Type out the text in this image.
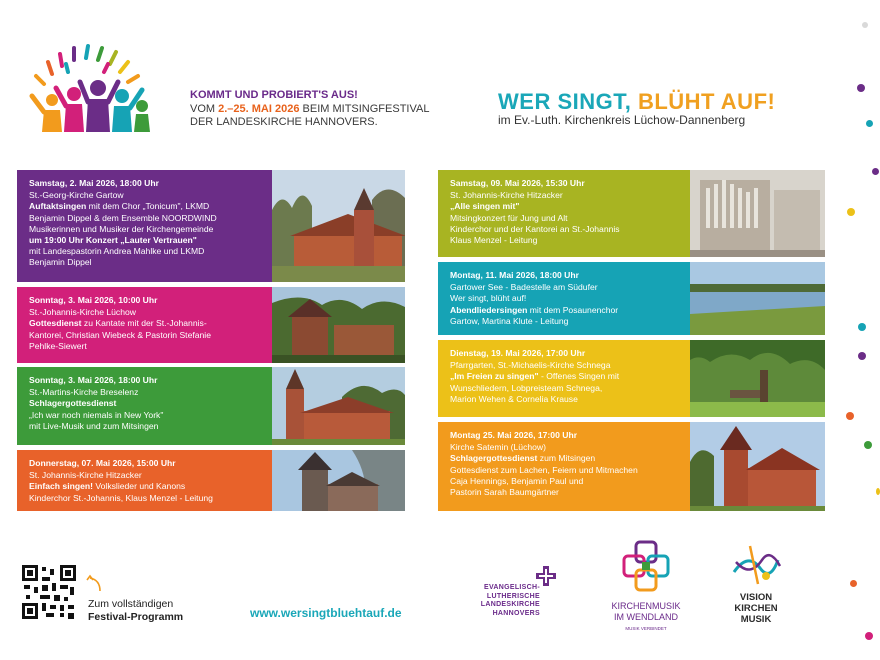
KOMMT UND PROBIERT'S AUS!
VOM 2.–25. MAI 2026 BEIM MITSINGFESTIVAL
DER LANDESKIRCHE HANNOVERS.
WER SINGT, BLÜHT AUF!
im Ev.-Luth. Kirchenkreis Lüchow-Dannenberg
Samstag, 2. Mai 2026, 18:00 Uhr
St.-Georg-Kirche Gartow
Auftaktsingen mit dem Chor „Tonicum", LKMD
Benjamin Dippel & dem Ensemble NOORDWIND
Musikerinnen und Musiker der Kirchengemeinde
um 19:00 Uhr Konzert „Lauter Vertrauen"
mit Landespastorin Andrea Mahlke und LKMD
Benjamin Dippel
Sonntag, 3. Mai 2026, 10:00 Uhr
St.-Johannis-Kirche Lüchow
Gottesdienst zu Kantate mit der St.-Johannis-
Kantorei, Christian Wiebeck & Pastorin Stefanie
Pehlke-Siewert
Sonntag, 3. Mai 2026, 18:00 Uhr
St.-Martins-Kirche Breselenz
Schlagergottesdienst
„Ich war noch niemals in New York"
mit Live-Musik und zum Mitsingen
Donnerstag, 07. Mai 2026, 15:00 Uhr
St. Johannis-Kirche Hitzacker
Einfach singen! Volkslieder und Kanons
Kinderchor St.-Johannis, Klaus Menzel - Leitung
Samstag, 09. Mai 2026, 15:30 Uhr
St. Johannis-Kirche Hitzacker
„Alle singen mit"
Mitsingkonzert für Jung und Alt
Kinderchor und der Kantorei an St.-Johannis
Klaus Menzel - Leitung
Montag, 11. Mai 2026, 18:00 Uhr
Gartower See - Badestelle am Südufer
Wer singt, blüht auf!
Abendliedersingen mit dem Posaunenchor
Gartow, Martina Klute - Leitung
Dienstag, 19. Mai 2026, 17:00 Uhr
Pfarrgarten, St.-Michaelis-Kirche Schnega
„Im Freien zu singen" - Offenes Singen mit
Wunschliedern, Lobpreisteam Schnega,
Marion Wehen & Cornelia Krause
Montag 25. Mai 2026, 17:00 Uhr
Kirche Satemin (Lüchow)
Schlagergottesdienst zum Mitsingen
Gottesdienst zum Lachen, Feiern und Mitmachen
Caja Hennings, Benjamin Paul und
Pastorin Sarah Baumgärtner
Zum vollständigen
Festival-Programm	www.wersingtbluehtauf.de
EVANGELISCH-
LUTHERISCHE
LANDESKIRCHE
HANNOVERS
KIRCHENMUSIK
IM WENDLAND
MUSIK VERBINDET
VISION
KIRCHEN
MUSIK
